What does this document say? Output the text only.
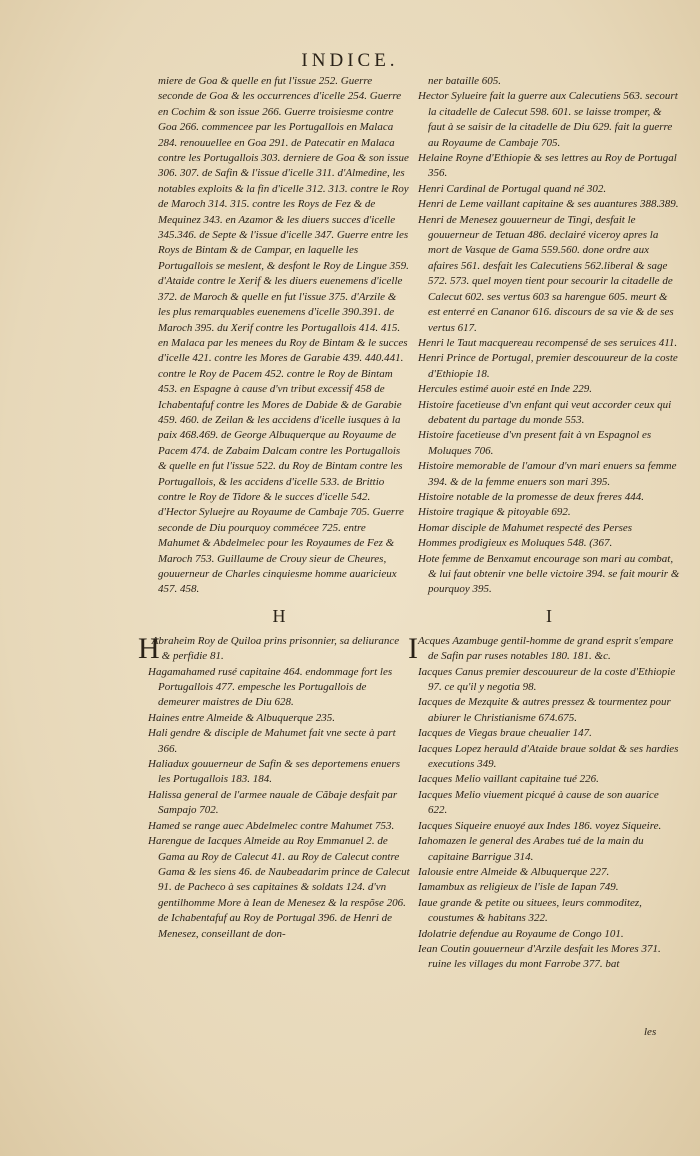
INDICE.

miere de Goa & quelle en fut l'issue 252. Guerre seconde de Goa & les occurrences d'icelle 254. Guerre en Cochim & son issue 266. Guerre troisiesme contre Goa 266. commencee par les Portugallois en Malaca 284. renouuellee en Goa 291. de Patecatir en Malaca contre les Portugallois 303. derniere de Goa & son issue 306. 307. de Safin & l'issue d'icelle 311. d'Almedine, les notables exploits & la fin d'icelle 312. 313. contre le Roy de Maroch 314. 315. contre les Roys de Fez & de Mequinez 343. en Azamor & les diuers succes d'icelle 345.346. de Septe & l'issue d'icelle 347. Guerre entre les Roys de Bintam & de Campar, en laquelle les Portugallois se meslent, & desfont le Roy de Lingue 359. d'Ataide contre le Xerif & les diuers euenemens d'icelle 372. de Maroch & quelle en fut l'issue 375. d'Arzile & les plus remarquables euenemens d'icelle 390.391. de Maroch 395. du Xerif contre les Portugallois 414. 415. en Malaca par les menees du Roy de Bintam & le succes d'icelle 421. contre les Mores de Garabie 439. 440.441. contre le Roy de Pacem 452. contre le Roy de Bintam 453. en Espagne à cause d'vn tribut excessif 458 de Ichabentafuf contre les Mores de Dabide & de Garabie 459. 460. de Zeilan & les accidens d'icelle iusques à la paix 468.469. de George Albuquerque au Royaume de Pacem 474. de Zabaim Dalcam contre les Portugallois & quelle en fut l'issue 522. du Roy de Bintam contre les Portugallois, & les accidens d'icelle 533. de Brittio contre le Roy de Tidore & le succes d'icelle 542. d'Hector Syluejre au Royaume de Cambaje 705. Guerre seconde de Diu pourquoy commécee 725. entre Mahumet & Abdelmelec pour les Royaumes de Fez & Maroch 753. Guillaume de Crouy sieur de Cheures, gouuerneur de Charles cinquiesme homme auaricieux 457. 458.

H

H
Abraheim Roy de Quiloa prins prisonnier, sa deliurance & perfidie 81.

Hagamahamed rusé capitaine 464. endommage fort les Portugallois 477. empesche les Portugallois de demeurer maistres de Diu 628.

Haines entre Almeide & Albuquerque 235.

Hali gendre & disciple de Mahumet fait vne secte à part 366.

Haliadux gouuerneur de Safin & ses deportemens enuers les Portugallois 183. 184.

Halissa general de l'armee nauale de Cãbaje desfait par Sampajo 702.

Hamed se range auec Abdelmelec contre Mahumet 753.

Harengue de Iacques Almeide au Roy Emmanuel 2. de Gama au Roy de Calecut 41. au Roy de Calecut contre Gama & les siens 46. de Naubeadarim prince de Calecut 91. de Pacheco à ses capitaines & soldats 124. d'vn gentilhomme More à Iean de Menesez & la respõse 206. de Ichabentafuf au Roy de Portugal 396. de Henri de Menesez, conseillant de don-

ner bataille 605.

Hector Sylueire fait la guerre aux Calecutiens 563. secourt la citadelle de Calecut 598. 601. se laisse tromper, & faut à se saisir de la citadelle de Diu 629. fait la guerre au Royaume de Cambaje 705.

Helaine Royne d'Ethiopie & ses lettres au Roy de Portugal 356.

Henri Cardinal de Portugal quand né 302.

Henri de Leme vaillant capitaine & ses auantures 388.389.

Henri de Menesez gouuerneur de Tingi, desfait le gouuerneur de Tetuan 486. declairé viceroy apres la mort de Vasque de Gama 559.560. done ordre aux afaires 561. desfait les Calecutiens 562.liberal & sage 572. 573. quel moyen tient pour secourir la citadelle de Calecut 602. ses vertus 603 sa harengue 605. meurt & est enterré en Cananor 616. discours de sa vie & de ses vertus 617.

Henri le Taut macquereau recompensé de ses seruices 411.

Henri Prince de Portugal, premier descouureur de la coste d'Ethiopie 18.

Hercules estimé auoir esté en Inde 229.

Histoire facetieuse d'vn enfant qui veut accorder ceux qui debatent du partage du monde 553.

Histoire facetieuse d'vn present fait à vn Espagnol es Moluques 706.

Histoire memorable de l'amour d'vn mari enuers sa femme 394. & de la femme enuers son mari 395.

Histoire notable de la promesse de deux freres 444.

Histoire tragique & pitoyable 692.

Homar disciple de Mahumet respecté des Perses

Hommes prodigieux es Moluques 548. (367.

Hote femme de Benxamut encourage son mari au combat, & lui faut obtenir vne belle victoire 394. se fait mourir & pourquoy 395.

I

I Acques Azambuge gentil-homme de grand esprit s'empare de Safin par ruses notables 180. 181. &c.

Iacques Canus premier descouureur de la coste d'Ethiopie 97. ce qu'il y negotia 98.

Iacques de Mezquite & autres pressez & tourmentez pour abiurer le Christianisme 674.675.

Iacques de Viegas braue cheualier 147.

Iacques Lopez herauld d'Ataide braue soldat & ses hardies executions 349.

Iacques Melio vaillant capitaine tué 226.

Iacques Melio viuement picqué à cause de son auarice 622.

Iacques Siqueire enuoyé aux Indes 186. voyez Siqueire.

Iahomazen le general des Arabes tué de la main du capitaine Barrigue 314.

Ialousie entre Almeide & Albuquerque 227.

Iamambux as religieux de l'isle de Iapan 749.

Iaue grande & petite ou situees, leurs commoditez, coustumes & habitans 322.

Idolatrie defendue au Royaume de Congo 101.

Iean Coutin gouuerneur d'Arzile desfait les Mores 371. ruine les villages du mont Farrobe 377. bat

les
